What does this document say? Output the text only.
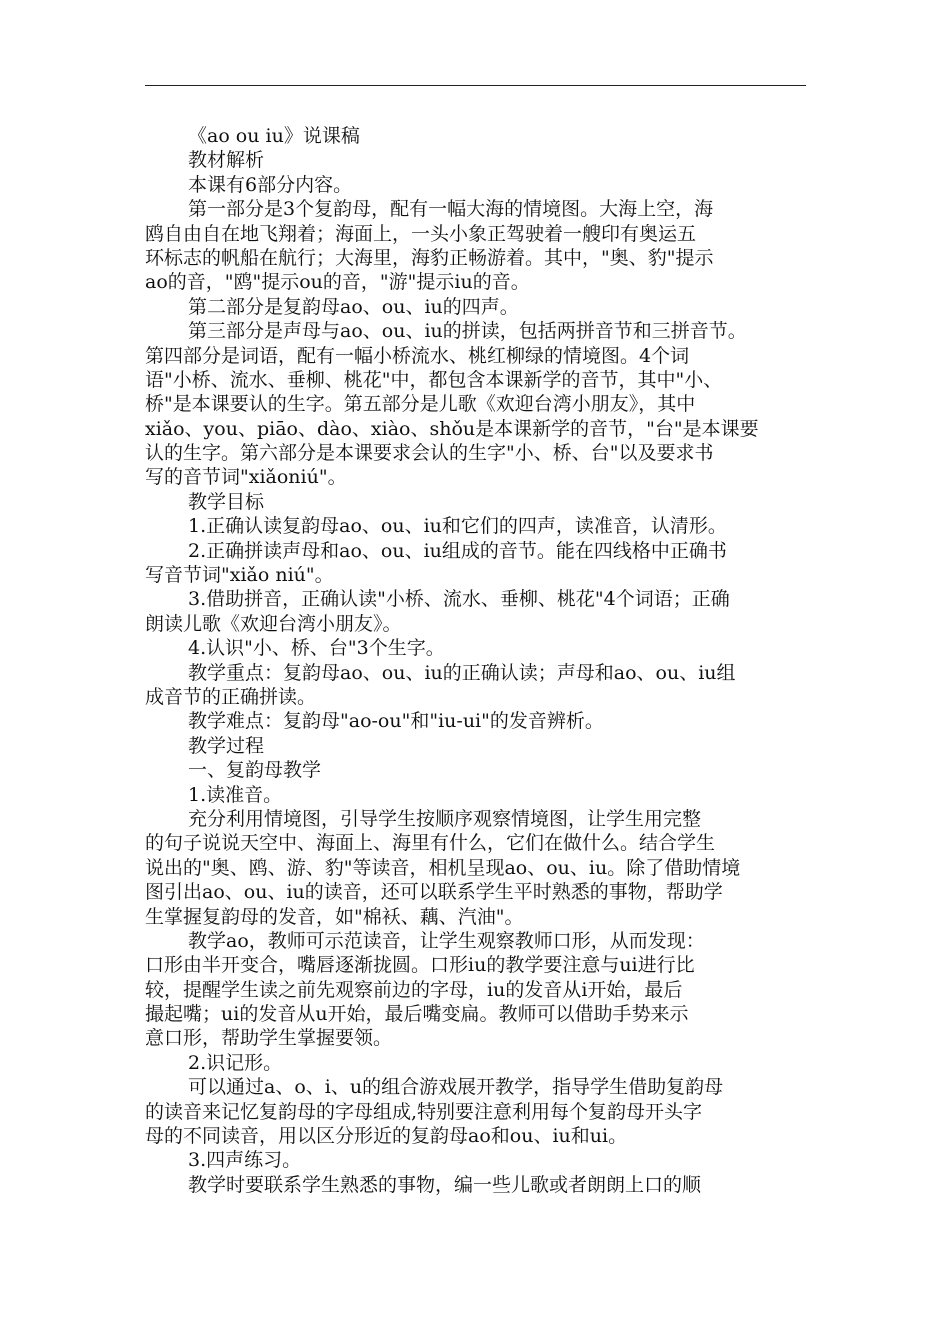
《ao ou iu》说课稿
教材解析
本课有6部分内容。
第一部分是3个复韵母，配有一幅大海的情境图。大海上空，海
鸥自由自在地飞翔着；海面上，一头小象正驾驶着一艘印有奥运五
环标志的帆船在航行；大海里，海豹正畅游着。其中，"奥、豹"提示
ao的音，"鸥"提示ou的音，"游"提示iu的音。
第二部分是复韵母ao、ou、iu的四声。
第三部分是声母与ao、ou、iu的拼读，包括两拼音节和三拼音节。
第四部分是词语，配有一幅小桥流水、桃红柳绿的情境图。4个词
语"小桥、流水、垂柳、桃花"中，都包含本课新学的音节，其中"小、
桥"是本课要认的生字。第五部分是儿歌《欢迎台湾小朋友》，其中
xiǎo、you、piāo、dào、xiào、shǒu是本课新学的音节，"台"是本课要
认的生字。第六部分是本课要求会认的生字"小、桥、台"以及要求书
写的音节词"xiǎoniú"。
教学目标
1.正确认读复韵母ao、ou、iu和它们的四声，读准音，认清形。
2.正确拼读声母和ao、ou、iu组成的音节。能在四线格中正确书
写音节词"xiǎo niú"。
3.借助拼音，正确认读"小桥、流水、垂柳、桃花"4个词语；正确
朗读儿歌《欢迎台湾小朋友》。
4.认识"小、桥、台"3个生字。
教学重点：复韵母ao、ou、iu的正确认读；声母和ao、ou、iu组
成音节的正确拼读。
教学难点：复韵母"ao-ou"和"iu-ui"的发音辨析。
教学过程
一、复韵母教学
1.读准音。
充分利用情境图，引导学生按顺序观察情境图，让学生用完整
的句子说说天空中、海面上、海里有什么，它们在做什么。结合学生
说出的"奥、鸥、游、豹"等读音，相机呈现ao、ou、iu。除了借助情境
图引出ao、ou、iu的读音，还可以联系学生平时熟悉的事物，帮助学
生掌握复韵母的发音，如"棉袄、藕、汽油"。
教学ao，教师可示范读音，让学生观察教师口形，从而发现：
口形由半开变合，嘴唇逐渐拢圆。口形iu的教学要注意与ui进行比
较，提醒学生读之前先观察前边的字母，iu的发音从i开始，最后
撮起嘴；ui的发音从u开始，最后嘴变扁。教师可以借助手势来示
意口形，帮助学生掌握要领。
2.识记形。
可以通过a、o、i、u的组合游戏展开教学，指导学生借助复韵母
的读音来记忆复韵母的字母组成,特别要注意利用每个复韵母开头字
母的不同读音，用以区分形近的复韵母ao和ou、iu和ui。
3.四声练习。
教学时要联系学生熟悉的事物，编一些儿歌或者朗朗上口的顺
